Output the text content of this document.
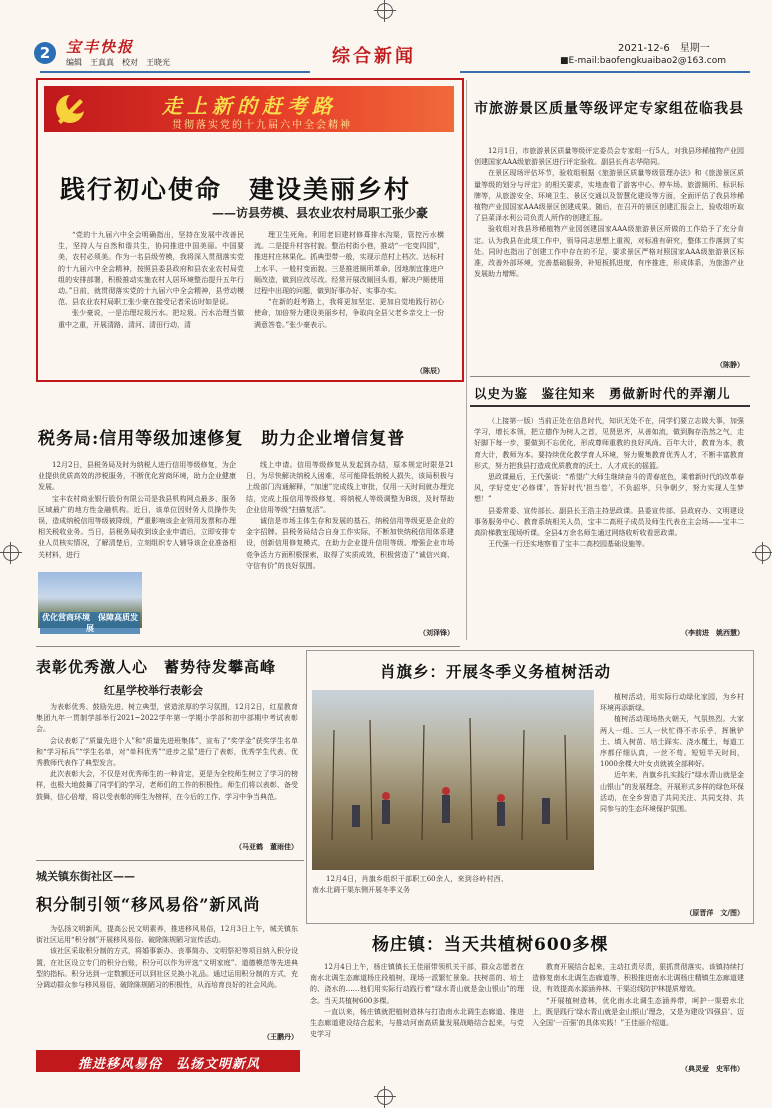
2	宝丰快报
编辑　王真真　校对　王晓光	综合新闻	2021-12-6　星期一
■E-mail:baofengkuaibao2@163.com
走上新的赶考路
贯彻落实党的十九届六中全会精神
践行初心使命　建设美丽乡村
——访县劳模、县农业农村局职工张少豪

“党的十九届六中全会明确指出，坚持在发展中改善民生，坚持人与自然和谐共生，协同推进中国美丽。中国要美，农村必须美。作为一名县级劳模，我将深入贯彻落实党的十九届六中全会精神，按照县委县政府和县农业农村局党组的安排部署，积极推动实施农村人居环境整治提升五年行动。”日前，就贯彻落实党的十九届六中全会精神，县劳动模范、县农业农村局职工张少豪在接受记者采访时如是说。

张少豪说，一是治理垃圾污水。把垃圾、污水治理当做重中之重，开展清路、清河、清田行动，清

理卫生死角。利用老旧建材修葺排水沟渠，管控污水横流。二是提升村容村貌。整治村街小巷，推动“一宅变四园”，推进村庄林果化。抓典型带一般，实现示范村上档次、达标村上水平、一般村变面貌。三是推进厕所革命。因地制宜推进户厕改造，做到应改尽改。经常开展改厕回头看，解决户厕使用过程中出现的问题，做到好事办好、实事办实。

“在新的赶考路上，我将更加坚定、更加自觉地践行初心使命，加倍努力建设美丽乡村，争取向全县父老乡亲交上一份满意答卷。”张少豪表示。

（陈辰）
税务局:信用等级加速修复　助力企业增信复普

12月2日，县税务局及时为纳税人进行信用等级修复，为企业提供优质高效的涉税服务，不断优化营商环境，助力企业健康发展。

宝丰农村商业银行股份有限公司是我县机构网点最多、服务区域最广的地方性金融机构。近日，该单位因财务人员操作失误，造成纳税信用等级被降级，严重影响该企业领用发票和办理相关税收业务。当日，县税务局收到该企业申请后，立即安排专业人员核实情况，了解清楚后，立刻组织专人辅导该企业准备相关材料，进行

优化营商环境　保障高质发展

线上申请。信用等级修复从发起到办结，原本规定时限是21日，为尽快解决纳税人困难，尽可能降低纳税人损失，该局积极与上级部门沟通解释，“加速”完成线上审批，仅用一天时间就办理完结，完成上报信用等级修复，将纳税人等级调整为B级，及时帮助企业信用等级“扫描复活”。

诚信是市场主体生存和发展的基石，纳税信用等级更是企业的金字招牌。县税务局结合自身工作实际，不断加快纳税信用体系建设，创新信用修复模式，在助力企业提升信用等级、增强企业市场竞争活力方面积极探索，取得了实质成效，积极营造了“诚信兴商、守信有价”的良好氛围。

（刘泽锋）
市旅游景区质量等级评定专家组莅临我县

12月1日，市旅游景区质量等级评定委员会专家组一行5人，对我县珍稀植物产业园创建国家AAA级旅游景区进行评定验收。副县长肖志华陪同。

在景区现场评估环节，验收组根据《旅游景区质量等级管理办法》和《旅游景区质量等级的划分与评定》的相关要求，实地查看了游客中心、停车场、旅游厕所、标识标牌等，从旅游安全、环境卫生、景区交通以及智慧化建设等方面，全面评估了我县珍稀植物产业园国家AAA级景区创建成果。随后，在召开的景区创建汇报会上，验收组听取了县菜泽水利公司负责人所作的创建汇报。

验收组对我县珍稀植物产业园创建国家AAA级旅游景区所做的工作给予了充分肯定。认为我县在此项工作中，领导同志思想上重视，对标准有研究，整体工作落到了实处。同时也指出了创建工作中存在的不足，要求景区严格对照国家AAA级旅游景区标准，改善外部环境，完善基础服务，补短板抓进度，有序推进，形成体系，为旅游产业发展助力增辉。

（陈静）
以史为鉴　鉴往知来　勇做新时代的弄潮儿

（上接第一版）当前正处在信息时代，知识无处不在，同学们要立志做大事，加强学习，增长本领，把立德作为树人之首，见贤思齐，从善如流，做到胸存浩然之气，走好脚下每一步，要做到不忘优化，形成尊师重教的良好风尚。百年大计，教育为本，教育大计，教师为本。要持续优化教学育人环境，努力聚集教育优秀人才，不断丰富教育形式，努力把我县打造成优质教育的沃土、人才成长的摇篮。

思政课最后，王代强说：“希望广大师生继续奋斗的青春底色，乘着新时代的改革春风，学好党史‘必修课’，答好时代‘担当卷’，不负韶华，只争朝夕，努力实现人生梦想！”

县委常委、宣传部长、副县长王浩主持思政课。县委宣传部、县政府办、文明建设事务服务中心、教育系统相关人员，宝丰二高班子成员及师生代表在主会场——宝丰二高阶梯教室现场听课。全县4万余名师生通过网络收听收看思政课。

王代强一行还实地察看了宝丰二高校园基础设施等。

（李前进　姚西慧）
表彰优秀激人心　蓄势待发攀高峰
红星学校举行表彰会

为表彰优秀、鼓励先进、树立典型，营造浓厚的学习氛围，12月2日，红星教育集团九年一贯制学部举行2021~2022学年第一学期小学部和初中部期中考试表彰会。

会议表彰了“质量先进个人”和“质量先进班集体”，宣布了“奖学金”获奖学生名单和“学习标兵”“学生名单，对“单科优秀”“进步之星”进行了表彰，优秀学生代表、优秀教师代表作了典型发言。

此次表彰大会，不仅是对优秀师生的一种肯定，更是为全校师生树立了学习的榜样，也极大地鼓舞了同学们的学习，老师们的工作的积极性。师生们将以表彰、备受鼓舞，信心倍增，将以受表彰的师生为榜样，在今后的工作、学习中争当典范。

（马亚鹤　董雨佳）
城关镇东街社区——
积分制引领“移风易俗”新风尚

为弘扬文明新风，提高公民文明素养，推进移风易俗，12月3日上午，城关镇东街社区运用“积分制”开展移风易俗、破除陈规陋习宣传活动。

该社区采取积分制的方式，将婚事新办、丧事简办、文明祭祀等项目纳入积分设置，在社区设立专门的积分台账，积分可以作为评选“文明家庭”、道德模范等先进典型的指标。积分达到一定数额还可以到社区兑换小礼品。通过运用积分制的方式，充分调动群众参与移风易俗，破除陈规陋习的积极性，从而培育良好的社会风尚。

（王鹏丹）
肖旗乡：开展冬季义务植树活动

12月4日，肖旗乡组织干部职工60余人，来到谷岭村西、南水北调干渠东侧开展冬季义务

植树活动，用实际行动绿化家园，为乡村环境再添新绿。

植树活动现场热火朝天，气氛热烈。大家两人一组、三人一伙忙得不亦乐乎，挥锹铲土、填入树苗、培土踩实、浇水覆土，每道工序都仔细认真，一丝不苟。短短半天时间，1000余棵大叶女贞就被全部种好。

近年来，肖旗乡扎实践行“绿水青山就是金山银山”的发展理念，开展形式多样的绿色环保活动，在全乡营造了共同关注、共同支持、共同参与的生态环境保护氛围。

（原晋洋　文/图）
杨庄镇：当天共植树600多棵

12月4日上午，杨庄镇镇长王佳丽带领机关干部，群众志愿者在南水北调生态廊道杨庄段植树，现场一派繁忙景象。扶树苗的、培土的、浇水的……他们用实际行动践行着“绿水青山就是金山银山”的理念。当天共植树600多棵。

一直以来，杨庄镇就把植树造林与打造南水北调生态廊道、推进生态廊道建设结合起来，与推动河南高质量发展战略结合起来，与党史学习

教育开展结合起来，主动扛责尽责，狠抓贯彻落实。该镇持续打造修复南水北调生态廊道等，积极推进南水北调杨庄精镇生态廊道建设，有效提高水源涵养林、干渠沿线防护林提质增效。

“开展植树造林，优化南水北调生态涵养带，呵护一渠碧水北上，既是践行‘绿水青山就是金山银山’理念，又是为建设‘四强县’、迈入全国‘一百强’的具体实践！”王佳丽介绍道。

（典灵爱　史军伟）
推进移风易俗　弘扬文明新风
